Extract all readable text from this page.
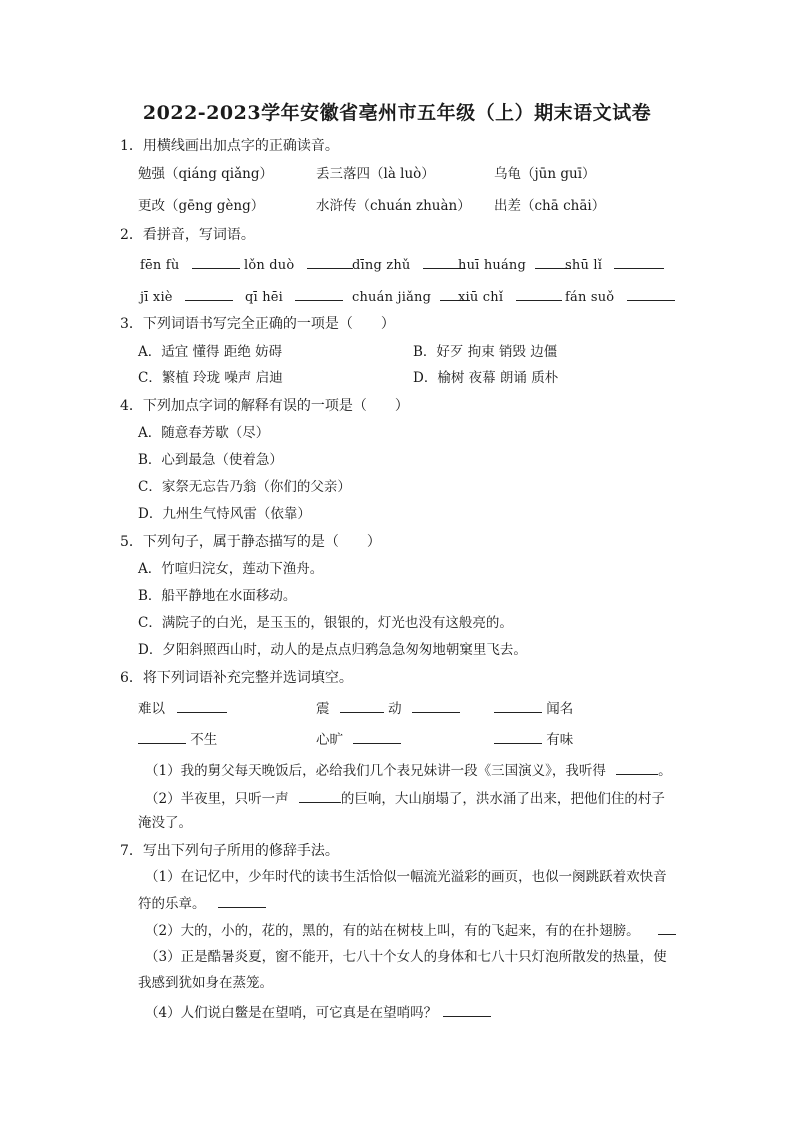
2022-2023学年安徽省亳州市五年级（上）期末语文试卷
1．用横线画出加点字的正确读音。
勉强（qiáng qiǎng）	丢三落四（là luò）	乌龟（jūn guī）
更改（gēng gèng）	水浒传（chuán zhuàn） 出差（chā chāi）
2．看拼音，写词语。
fēn fù	lǒn duò	dīng zhǔ	huī huáng	shū lǐ
jī xiè	qī hēi	chuán jiǎng	xiū chǐ	fán suǒ
3．下列词语书写完全正确的一项是（　　）
A．适宜 懂得 距绝 妨碍	B．好歹 拘束 销毁 边僵
C．繁植 玲珑 噪声 启迪	D．榆树 夜幕 朗诵 质朴
4．下列加点字词的解释有误的一项是（　　）
A．随意春芳歇（尽）
B．心到最急（使着急）
C．家祭无忘告乃翁（你们的父亲）
D．九州生气恃风雷（依靠）
5．下列句子，属于静态描写的是（　　）
A．竹喧归浣女，莲动下渔舟。
B．船平静地在水面移动。
C．满院子的白光，是玉玉的，银银的，灯光也没有这般亮的。
D．夕阳斜照西山时，动人的是点点归鸦急急匆匆地朝窠里飞去。
6．将下列词语补充完整并选词填空。
难以	震	动	闻名
不生	心旷	有味
（1）我的舅父每天晚饭后，必给我们几个表兄妹讲一段《三国演义》，我听得	。
（2）半夜里，只听一声	的巨响，大山崩塌了，洪水涌了出来，把他们住的村子
淹没了。
7．写出下列句子所用的修辞手法。
（1）在记忆中，少年时代的读书生活恰似一幅流光溢彩的画页，也似一阕跳跃着欢快音
符的乐章。
（2）大的，小的，花的，黑的，有的站在树枝上叫，有的飞起来，有的在扑翅膀。
（3）正是酷暑炎夏，窗不能开，七八十个女人的身体和七八十只灯泡所散发的热量，使
我感到犹如身在蒸笼。
（4）人们说白鳖是在望哨，可它真是在望哨吗？
